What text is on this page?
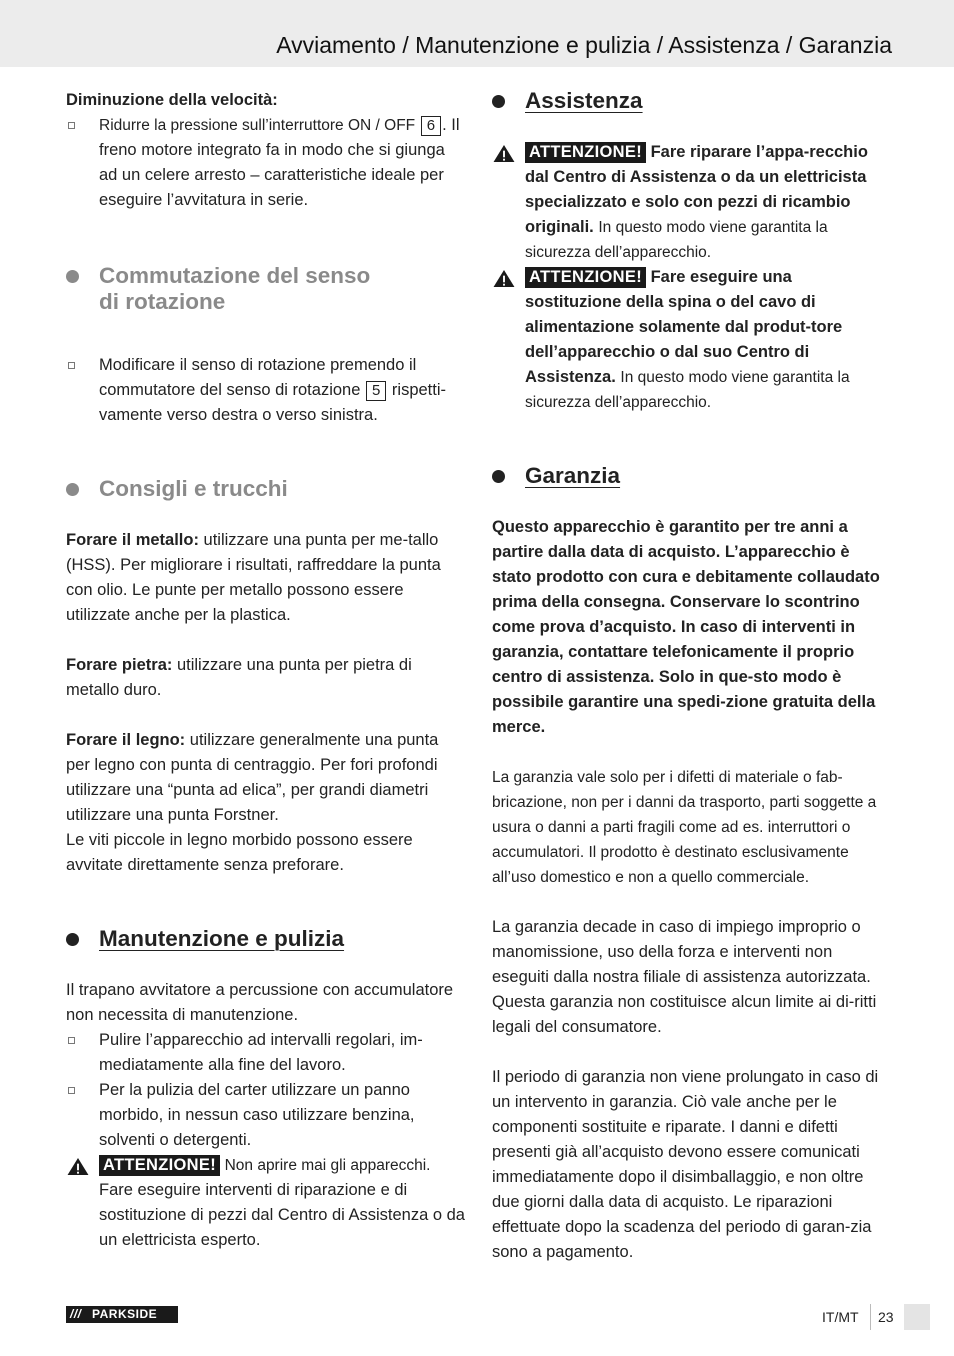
Avviamento / Manutenzione e pulizia / Assistenza / Garanzia

Diminuzione della velocità:

Ridurre la pressione sull’interruttore ON / OFF 6 . Il freno motore integrato fa in modo che si giunga ad un celere arresto – caratteristiche ideale per eseguire l’avvitatura in serie.
Commutazione del senso
di rotazione
Modificare il senso di rotazione premendo il commutatore del senso di rotazione 5 rispetti-vamente verso destra o verso sinistra.
Consigli e trucchi

Forare il metallo: utilizzare una punta per me-tallo (HSS). Per migliorare i risultati, raffreddare la punta con olio. Le punte per metallo possono essere utilizzate anche per la plastica.

Forare pietra: utilizzare una punta per pietra di metallo duro.

Forare il legno: utilizzare generalmente una punta per legno con punta di centraggio. Per fori profondi utilizzare una “punta ad elica”, per grandi diametri utilizzare una punta Forstner.

Le viti piccole in legno morbido possono essere avvitate direttamente senza preforare.

Manutenzione e pulizia

Il trapano avvitatore a percussione con accumulatore non necessita di manutenzione.

Pulire l’apparecchio ad intervalli regolari, im-mediatamente alla fine del lavoro.
Per la pulizia del carter utilizzare un panno morbido, in nessun caso utilizzare benzina, solventi o detergenti.
ATTENZIONE! Non aprire mai gli apparecchi. Fare eseguire interventi di riparazione e di sostituzione di pezzi dal Centro di Assistenza o da un elettricista esperto.
Assistenza
ATTENZIONE! Fare riparare l’appa-recchio dal Centro di Assistenza o da un elettricista specializzato e solo con pezzi di ricambio originali. In questo modo viene garantita la sicurezza dell’apparecchio.
ATTENZIONE! Fare eseguire una sostituzione della spina o del cavo di alimentazione solamente dal produt-tore dell’apparecchio o dal suo Centro di Assistenza. In questo modo viene garantita la sicurezza dell’apparecchio.
Garanzia

Questo apparecchio è garantito per tre anni a partire dalla data di acquisto. L’apparecchio è stato prodotto con cura e debitamente collaudato prima della consegna. Conservare lo scontrino come prova d’acquisto. In caso di interventi in garanzia, contattare telefonicamente il proprio centro di assistenza. Solo in que-sto modo è possibile garantire una spedi-zione gratuita della merce.

La garanzia vale solo per i difetti di materiale o fab-bricazione, non per i danni da trasporto, parti soggette a usura o danni a parti fragili come ad es. interruttori o accumulatori. Il prodotto è destinato esclusivamente all’uso domestico e non a quello commerciale.

La garanzia decade in caso di impiego improprio o manomissione, uso della forza e interventi non eseguiti dalla nostra filiale di assistenza autorizzata. Questa garanzia non costituisce alcun limite ai di-ritti legali del consumatore.

Il periodo di garanzia non viene prolungato in caso di un intervento in garanzia. Ciò vale anche per le componenti sostituite e riparate. I danni e difetti presenti già all’acquisto devono essere comunicati immediatamente dopo il disimballaggio, e non oltre due giorni dalla data di acquisto. Le riparazioni effettuate dopo la scadenza del periodo di garan-zia sono a pagamento.

/// PARKSIDE	IT/MT 23
